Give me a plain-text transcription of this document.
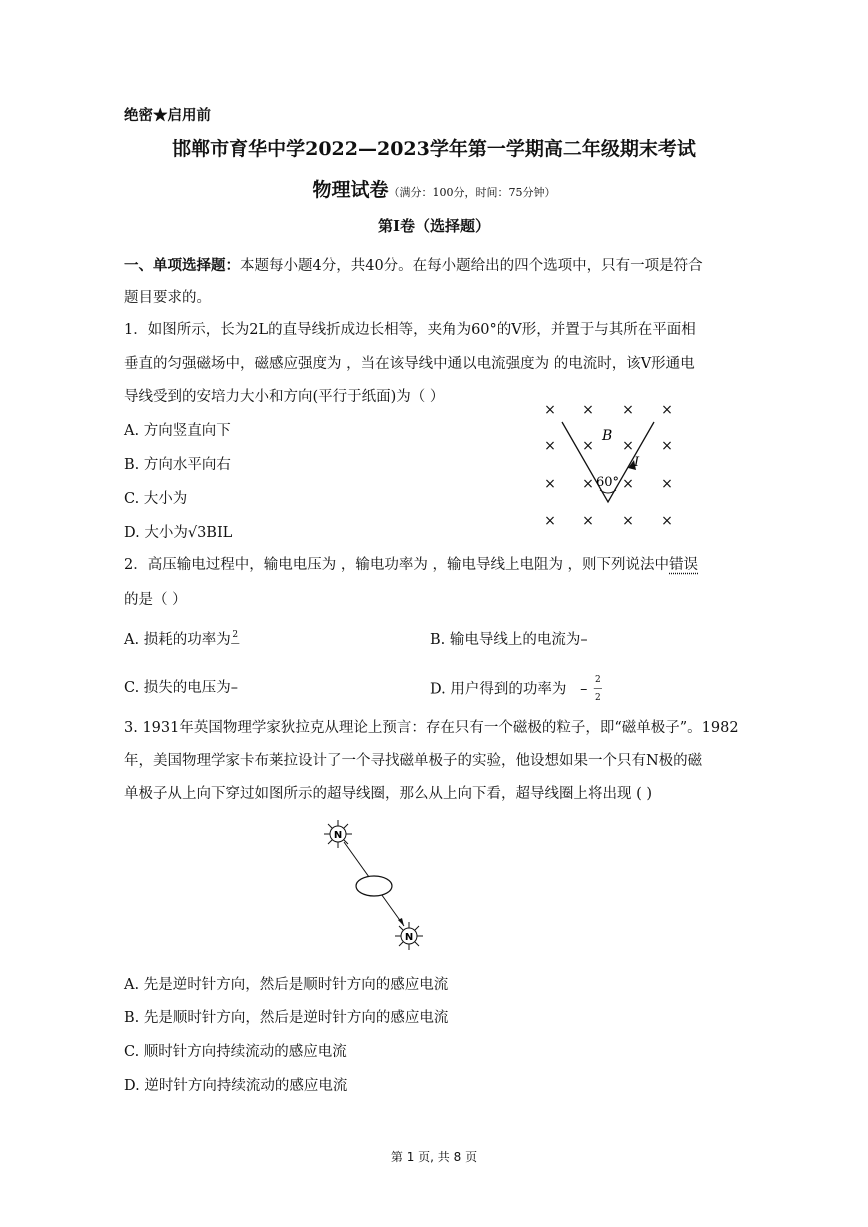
绝密★启用前
邯郸市育华中学2022—2023学年第一学期高二年级期末考试
物理试卷（满分：100分，时间：75分钟）
第I卷（选择题）
一、单项选择题：本题每小题4分，共40分。在每小题给出的四个选项中，只有一项是符合
题目要求的。
1．如图所示，长为2L的直导线折成边长相等，夹角为60°的V形，并置于与其所在平面相
垂直的匀强磁场中，磁感应强度为 ，当在该导线中通以电流强度为 的电流时，该V形通电
导线受到的安培力大小和方向(平行于纸面)为（ ）
A. 方向竖直向下
B. 方向水平向右
C. 大小为
D. 大小为√3BIL
× × × ×
× × × ×
× × × ×
× × × ×
B
I
60°
2．高压输电过程中，输电电压为 ，输电功率为 ，输电导线上电阻为 ，则下列说法中错误
的是（ ）
A. 损耗的功率为 2
—	B. 输电导线上的电流为–
C. 损失的电压为–	D. 用户得到的功率为   –2
—
2
3. 1931年英国物理学家狄拉克从理论上预言：存在只有一个磁极的粒子，即“磁单极子”。1982
年，美国物理学家卡布莱拉设计了一个寻找磁单极子的实验，他设想如果一个只有N极的磁
单极子从上向下穿过如图所示的超导线圈，那么从上向下看，超导线圈上将出现 ( )
N
N
A. 先是逆时针方向，然后是顺时针方向的感应电流
B. 先是顺时针方向，然后是逆时针方向的感应电流
C. 顺时针方向持续流动的感应电流
D. 逆时针方向持续流动的感应电流
第 1 页, 共 8 页
